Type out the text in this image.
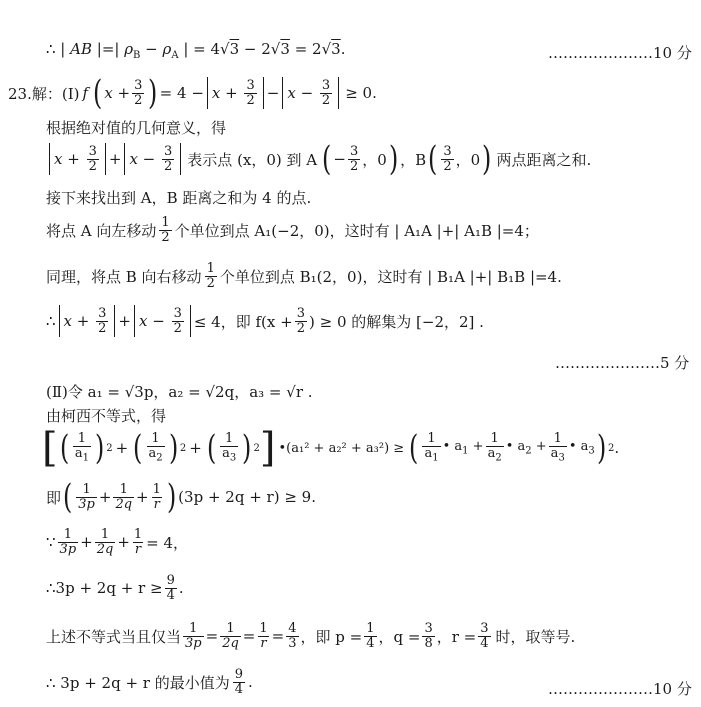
∴ | AB |=| $\rho_B - \rho_A$ | = 4√3 − 2√3 = 2√3.	…………………10 分
23.解：(Ⅰ) f ( $x + \frac{3}{2}$ ) = $4 - x + \frac{3}{2} - x - \frac{3}{2} \ge 0$.
根据绝对值的几何意义，得
$x + \frac{3}{2} + x - \frac{3}{2}$ 表示点 (x，0) 到 A ( − $\frac{3}{2}$ ，0 ) ，B ( $\frac{3}{2}$ ，0 ) 两点距离之和.
接下来找出到 A，B 距离之和为 4 的点.
将点 A 向左移动 $\frac{1}{2}$ 个单位到点 A₁(−2，0)，这时有 | A₁A |+| A₁B |=4；
同理，将点 B 向右移动 $\frac{1}{2}$ 个单位到点 B₁(2，0)，这时有 | B₁A |+| B₁B |=4.
∴ $x + \frac{3}{2} + x - \frac{3}{2} \le 4$，即 $f(x + \frac{3}{2}$ ) ≥ 0 的解集为 [−2，2] .
…………………5 分
(Ⅱ)令 a₁ = √3p，a₂ = √2q，a₃ = √r .
由柯西不等式，得
[ ( $\frac{1}{a_1}$ ) 2 + ( $\frac{1}{a_2}$ ) 2 + ( $\frac{1}{a_3}$ ) 2 ] •(a₁² + a₂² + a₃²) ≥ ( $\frac{1}{a_1}$ • $a_1 + \frac{1}{a_2}$ • $a_2 + \frac{1}{a_3}$ • $a_3$ ) 2 .
即 ( $\frac{1}{3p} + \frac{1}{2q} + \frac{1}{r}$ ) (3p + 2q + r) ≥ 9.
∵ $\frac{1}{3p} + \frac{1}{2q} + \frac{1}{r} = 4$，
∴3p + $2q + r \ge \frac{9}{4}$ .
上述不等式当且仅当 $\frac{1}{3p} = \frac{1}{2q} = \frac{1}{r} = \frac{4}{3}$ ，即 $p = \frac{1}{4}$ ，$q = \frac{3}{8}$ ，$r = \frac{3}{4}$ 时，取等号.
∴ 3p + 2q + r 的最小值为 $\frac{9}{4}$ .	…………………10 分
